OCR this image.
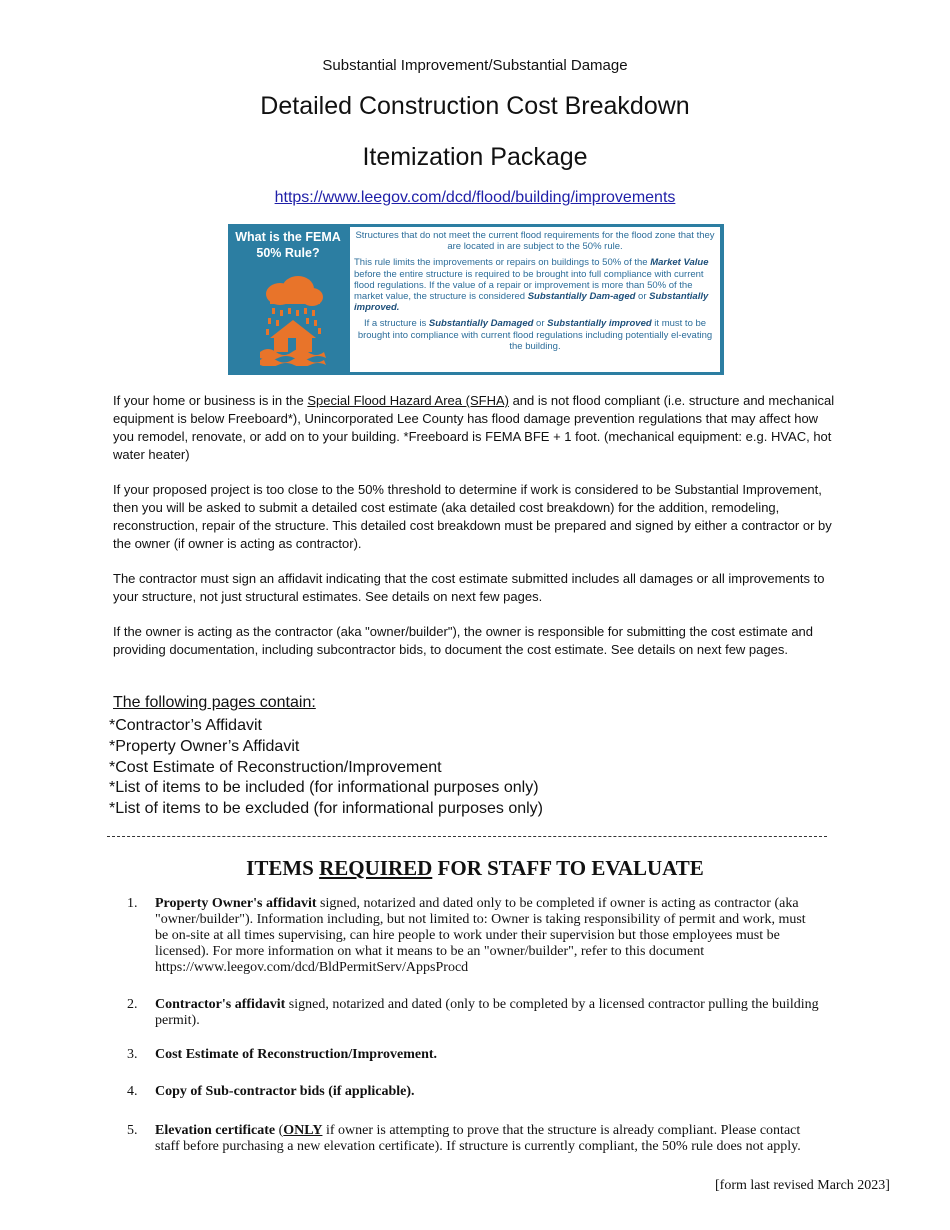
Substantial Improvement/Substantial Damage
Detailed Construction Cost Breakdown
Itemization Package
https://www.leegov.com/dcd/flood/building/improvements
What is the FEMA
50% Rule?

Structures that do not meet the current flood requirements for the flood zone that they are located in are subject to the 50% rule.

This rule limits the improvements or repairs on buildings to 50% of the Market Value before the entire structure is required to be brought into full compliance with current flood regulations. If the value of a repair or improvement is more than 50% of the market value, the structure is considered Substantially Dam-aged or Substantially improved.

If a structure is Substantially Damaged or Substantially improved it must to be brought into compliance with current flood regulations including potentially el-evating the building.

If your home or business is in the Special Flood Hazard Area (SFHA) and is not flood compliant (i.e. structure and mechanical equipment is below Freeboard*), Unincorporated Lee County has flood damage prevention regulations that may affect how you remodel, renovate, or add on to your building. *Freeboard is FEMA BFE + 1 foot. (mechanical equipment: e.g. HVAC, hot water heater)
If your proposed project is too close to the 50% threshold to determine if work is considered to be Substantial Improvement, then you will be asked to submit a detailed cost estimate (aka detailed cost breakdown) for the addition, remodeling, reconstruction, repair of the structure. This detailed cost breakdown must be prepared and signed by either a contractor or by the owner (if owner is acting as contractor).
The contractor must sign an affidavit indicating that the cost estimate submitted includes all damages or all improvements to your structure, not just structural estimates. See details on next few pages.
If the owner is acting as the contractor (aka "owner/builder"), the owner is responsible for submitting the cost estimate and providing documentation, including subcontractor bids, to document the cost estimate. See details on next few pages.
The following pages contain:
*Contractor’s Affidavit
*Property Owner’s Affidavit
*Cost Estimate of Reconstruction/Improvement
*List of items to be included (for informational purposes only)
*List of items to be excluded (for informational purposes only)
ITEMS REQUIRED FOR STAFF TO EVALUATE
1.	Property Owner's affidavit signed, notarized and dated only to be completed if owner is acting as contractor (aka "owner/builder"). Information including, but not limited to: Owner is taking responsibility of permit and work, must be on-site at all times supervising, can hire people to work under their supervision but those employees must be licensed). For more information on what it means to be an "owner/builder", refer to this document https://www.leegov.com/dcd/BldPermitServ/AppsProcd
2.	Contractor's affidavit signed, notarized and dated (only to be completed by a licensed contractor pulling the building permit).
3.	Cost Estimate of Reconstruction/Improvement.
4.	Copy of Sub-contractor bids (if applicable).
5.	Elevation certificate (ONLY if owner is attempting to prove that the structure is already compliant. Please contact staff before purchasing a new elevation certificate). If structure is currently compliant, the 50% rule does not apply.
[form last revised March 2023]
